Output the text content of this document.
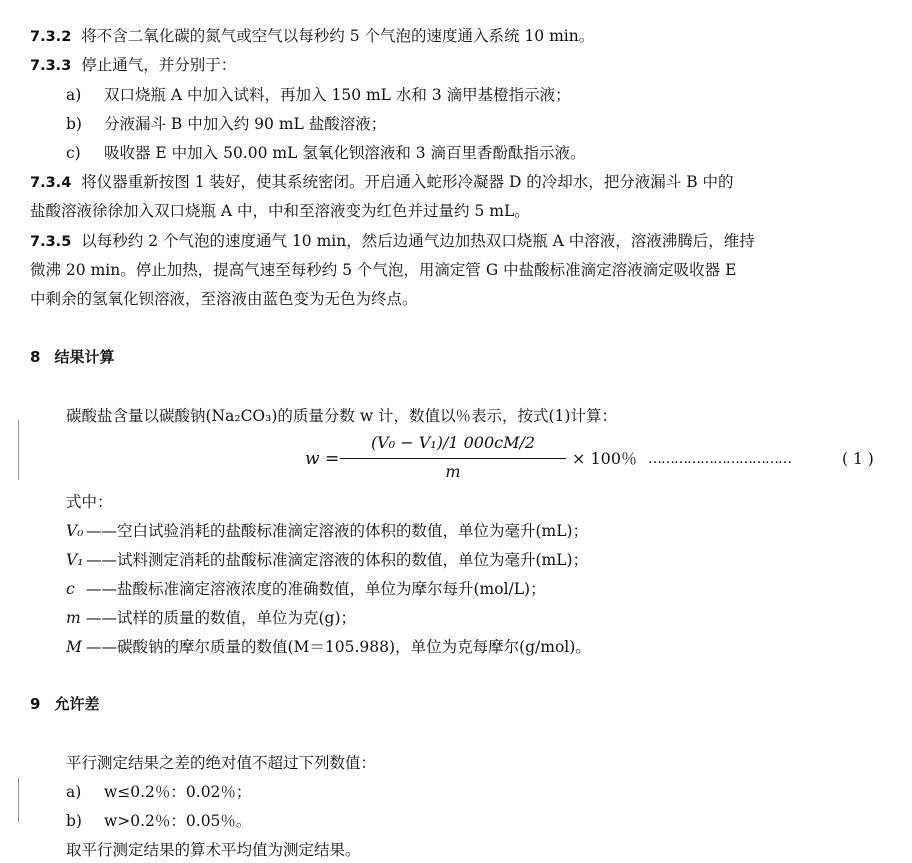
7.3.2 将不含二氧化碳的氮气或空气以每秒约 5 个气泡的速度通入系统 10 min。
7.3.3 停止通气，并分别于：
a) 双口烧瓶 A 中加入试料，再加入 150 mL 水和 3 滴甲基橙指示液；
b) 分液漏斗 B 中加入约 90 mL 盐酸溶液；
c) 吸收器 E 中加入 50.00 mL 氢氧化钡溶液和 3 滴百里香酚酞指示液。
7.3.4 将仪器重新按图 1 装好，使其系统密闭。开启通入蛇形冷凝器 D 的冷却水，把分液漏斗 B 中的
盐酸溶液徐徐加入双口烧瓶 A 中，中和至溶液变为红色并过量约 5 mL。
7.3.5 以每秒约 2 个气泡的速度通气 10 min，然后边通气边加热双口烧瓶 A 中溶液，溶液沸腾后，维持
微沸 20 min。停止加热，提高气速至每秒约 5 个气泡，用滴定管 G 中盐酸标准滴定溶液滴定吸收器 E
中剩余的氢氧化钡溶液，至溶液由蓝色变为无色为终点。
8 结果计算
碳酸盐含量以碳酸钠(Na₂CO₃)的质量分数 w 计，数值以％表示，按式(1)计算：
w =
(V₀ − V₁)/1 000cM/2
m
× 100％ ……………………………	( 1 )
式中：
V₀ ——空白试验消耗的盐酸标准滴定溶液的体积的数值，单位为毫升(mL)；
V₁ ——试料测定消耗的盐酸标准滴定溶液的体积的数值，单位为毫升(mL)；
c ——盐酸标准滴定溶液浓度的准确数值，单位为摩尔每升(mol/L)；
m ——试样的质量的数值，单位为克(g)；
M ——碳酸钠的摩尔质量的数值(M＝105.988)，单位为克每摩尔(g/mol)。
9 允许差
平行测定结果之差的绝对值不超过下列数值：
a) w≤0.2％：0.02％；
b) w>0.2％：0.05％。
取平行测定结果的算术平均值为测定结果。
